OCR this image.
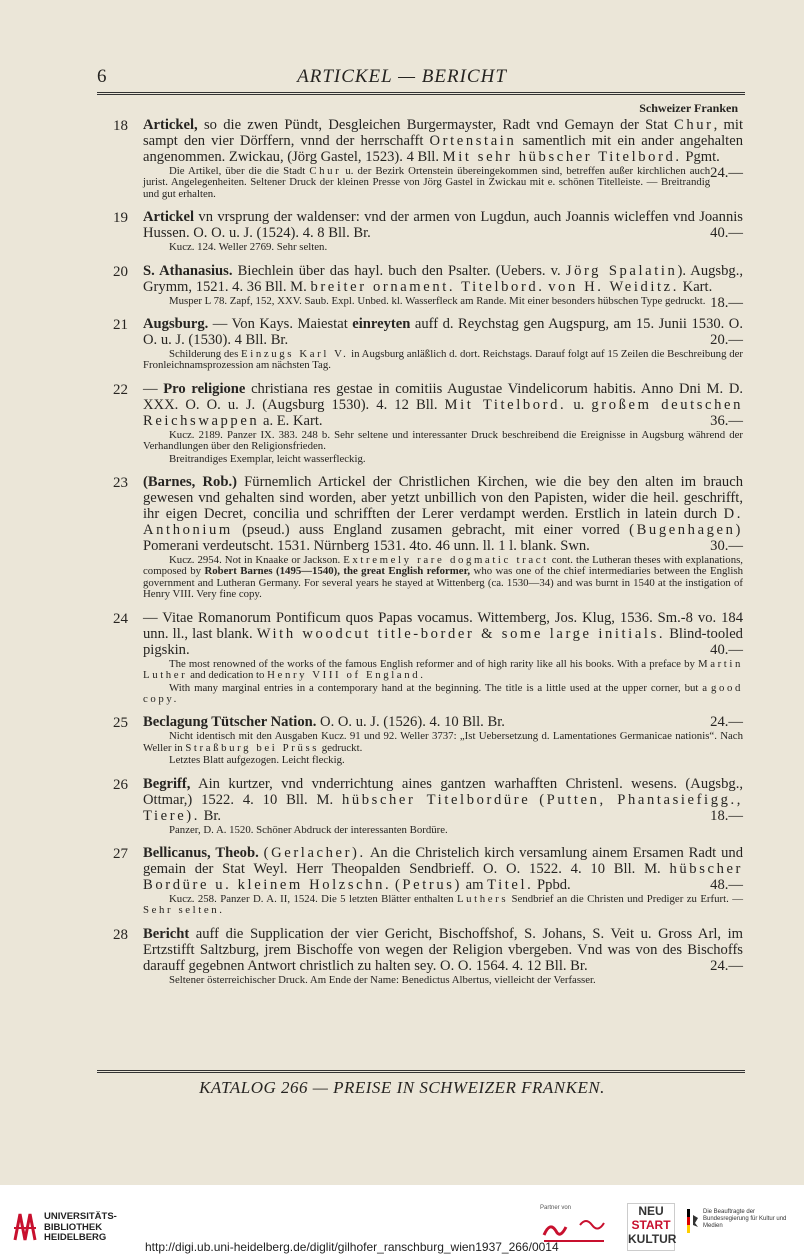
6	ARTICKEL — BERICHT
Schweizer Franken
18 Artickel, so die zwen Pündt, Desgleichen Burgermayster, Radt vnd Gemayn der Stat Chur, mit sampt den vier Dörffern, vnnd der herrschafft Ortenstain samentlich mit ein ander angehalten angenommen. Zwickau, (Jörg Gastel, 1523). 4 Bll. Mit sehr hübscher Titelbord. Pgmt.
24.—
Die Artikel, über die die Stadt Chur u. der Bezirk Ortenstein übereingekommen sind, betreffen außer kirchlichen auch jurist. Angelegenheiten. Seltener Druck der kleinen Presse von Jörg Gastel in Zwickau mit e. schönen Titelleiste. — Breitrandig und gut erhalten.
19 Artickel vn vrsprung der waldenser: vnd der armen von Lugdun, auch Joannis wicleffen vnd Joannis Hussen. O. O. u. J. (1524). 4. 8 Bll. Br.	40.—
Kucz. 124. Weller 2769. Sehr selten.
20 S. Athanasius. Biechlein über das hayl. buch den Psalter. (Uebers. v. Jörg Spalatin). Augsbg., Grymm, 1521. 4. 36 Bll. M. breiter ornament. Titelbord. von H. Weiditz. Kart.
18.—
Musper L 78. Zapf, 152, XXV. Saub. Expl. Unbed. kl. Wasserfleck am Rande. Mit einer besonders hübschen Type gedruckt.
21 Augsburg. — Von Kays. Maiestat einreyten auff d. Reychstag gen Augspurg, am 15. Junii 1530. O. O. u. J. (1530). 4 Bll. Br.	20.—
Schilderung des Einzugs Karl V. in Augsburg anläßlich d. dort. Reichstags. Darauf folgt auf 15 Zeilen die Beschreibung der Fronleichnamsprozession am nächsten Tag.
22 — Pro religione christiana res gestae in comitiis Augustae Vindelicorum habitis. Anno Dni M. D. XXX. O. O. u. J. (Augsburg 1530). 4. 12 Bll. Mit Titelbord. u. großem deutschen Reichswappen a. E. Kart.	36.—
Kucz. 2189. Panzer IX. 383. 248 b. Sehr seltene und interessanter Druck beschreibend die Ereignisse in Augsburg während der Verhandlungen über den Religionsfrieden.
Breitrandiges Exemplar, leicht wasserfleckig.
23 (Barnes, Rob.) Fürnemlich Artickel der Christlichen Kirchen, wie die bey den alten im brauch gewesen vnd gehalten sind worden, aber yetzt unbillich von den Papisten, wider die heil. geschrifft, ihr eigen Decret, concilia und schrifften der Lerer verdampt werden. Erstlich in latein durch D. Anthonium (pseud.) auss England zusamen gebracht, mit einer vorred (Bugenhagen) Pomerani verdeutscht. 1531. Nürnberg 1531. 4to. 46 unn. ll. 1 l. blank. Swn.	30.—
Kucz. 2954. Not in Knaake or Jackson. Extremely rare dogmatic tract cont. the Lutheran theses with explanations, composed by Robert Barnes (1495—1540), the great English reformer, who was one of the chief intermediaries between the English government and Lutheran Germany. For several years he stayed at Wittenberg (ca. 1530—34) and was burnt in 1540 at the instigation of Henry VIII. Very fine copy.
24 — Vitae Romanorum Pontificum quos Papas vocamus. Wittemberg, Jos. Klug, 1536. Sm.-8 vo. 184 unn. ll., last blank. With woodcut title-border & some large initials. Blind-tooled pigskin.	40.—
The most renowned of the works of the famous English reformer and of high rarity like all his books. With a preface by Martin Luther and dedication to Henry VIII of England.
With many marginal entries in a contemporary hand at the beginning. The title is a little used at the upper corner, but a good copy.
25 Beclagung Tütscher Nation. O. O. u. J. (1526). 4. 10 Bll. Br.	24.—
Nicht identisch mit den Ausgaben Kucz. 91 und 92. Weller 3737: „Ist Uebersetzung d. Lamentationes Germanicae nationis“. Nach Weller in Straßburg bei Prüss gedruckt.
Letztes Blatt aufgezogen. Leicht fleckig.
26 Begriff, Ain kurtzer, vnd vnderrichtung aines gantzen warhafften Christenl. wesens. (Augsbg., Ottmar,) 1522. 4. 10 Bll. M. hübscher Titelbordüre (Putten, Phantasiefigg., Tiere). Br.	18.—
Panzer, D. A. 1520. Schöner Abdruck der interessanten Bordüre.
27 Bellicanus, Theob. (Gerlacher). An die Christelich kirch versamlung ainem Ersamen Radt und gemain der Stat Weyl. Herr Theopalden Sendbrieff. O. O. 1522. 4. 10 Bll. M. hübscher Bordüre u. kleinem Holzschn. (Petrus) am Titel. Ppbd.	48.—
Kucz. 258. Panzer D. A. II, 1524. Die 5 letzten Blätter enthalten Luthers Sendbrief an die Christen und Prediger zu Erfurt. — Sehr selten.
28 Bericht auff die Supplication der vier Gericht, Bischoffshof, S. Johans, S. Veit u. Gross Arl, im Ertzstifft Saltzburg, jrem Bischoffe von wegen der Religion vbergeben. Vnd was von des Bischoffs darauff gegebnen Antwort christlich zu halten sey. O. O. 1564. 4. 12 Bll. Br.	24.—
Seltener österreichischer Druck. Am Ende der Name: Benedictus Albertus, vielleicht der Verfasser.
KATALOG 266 — PREISE IN SCHWEIZER FRANKEN.
UNIVERSITÄTS-
BIBLIOTHEK
HEIDELBERG
Partner von	NEU
START
KULTUR
Die Beauftragte der Bundesregierung für Kultur und Medien
http://digi.ub.uni-heidelberg.de/diglit/gilhofer_ranschburg_wien1937_266/0014
